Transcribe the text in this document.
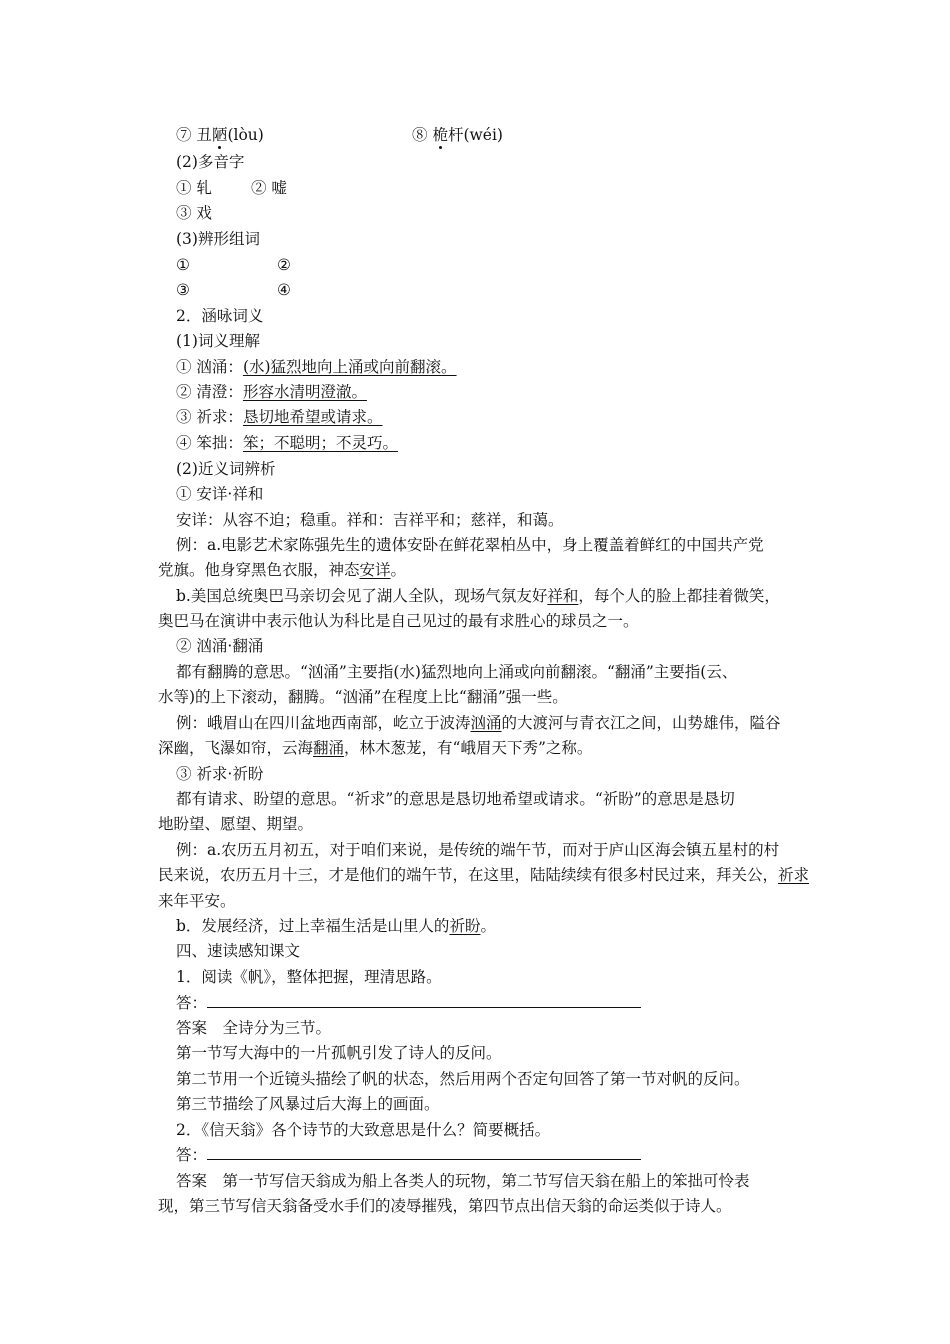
⑦ 丑陋(lòu)	⑧ 桅杆(wéi)
(2)多音字
① 轧	② 嘘
③ 戏
(3)辨形组词
①	②
③	④
2．涵咏词义
(1)词义理解
① 汹涌：(水)猛烈地向上涌或向前翻滚。
② 清澄：形容水清明澄澈。
③ 祈求：恳切地希望或请求。
④ 笨拙：笨；不聪明；不灵巧。
(2)近义词辨析
① 安详·祥和
安详：从容不迫；稳重。祥和：吉祥平和；慈祥，和蔼。
例：a.电影艺术家陈强先生的遗体安卧在鲜花翠柏丛中，身上覆盖着鲜红的中国共产党
党旗。他身穿黑色衣服，神态安详。
b.美国总统奥巴马亲切会见了湖人全队，现场气氛友好祥和，每个人的脸上都挂着微笑，
奥巴马在演讲中表示他认为科比是自己见过的最有求胜心的球员之一。
② 汹涌·翻涌
都有翻腾的意思。“汹涌”主要指(水)猛烈地向上涌或向前翻滚。“翻涌”主要指(云、
水等)的上下滚动，翻腾。“汹涌”在程度上比“翻涌”强一些。
例：峨眉山在四川盆地西南部，屹立于波涛汹涌的大渡河与青衣江之间，山势雄伟，隘谷
深幽，飞瀑如帘，云海翻涌，林木葱茏，有“峨眉天下秀”之称。
③ 祈求·祈盼
都有请求、盼望的意思。“祈求”的意思是恳切地希望或请求。“祈盼”的意思是恳切
地盼望、愿望、期望。
例：a.农历五月初五，对于咱们来说，是传统的端午节，而对于庐山区海会镇五星村的村
民来说，农历五月十三，才是他们的端午节，在这里，陆陆续续有很多村民过来，拜关公，祈求
来年平安。
b．发展经济，过上幸福生活是山里人的祈盼。
四、速读感知课文
1．阅读《帆》，整体把握，理清思路。
答：
答案　全诗分为三节。
第一节写大海中的一片孤帆引发了诗人的反问。
第二节用一个近镜头描绘了帆的状态，然后用两个否定句回答了第一节对帆的反问。
第三节描绘了风暴过后大海上的画面。
2．《信天翁》各个诗节的大致意思是什么？简要概括。
答：
答案　第一节写信天翁成为船上各类人的玩物，第二节写信天翁在船上的笨拙可怜表
现，第三节写信天翁备受水手们的凌辱摧残，第四节点出信天翁的命运类似于诗人。
